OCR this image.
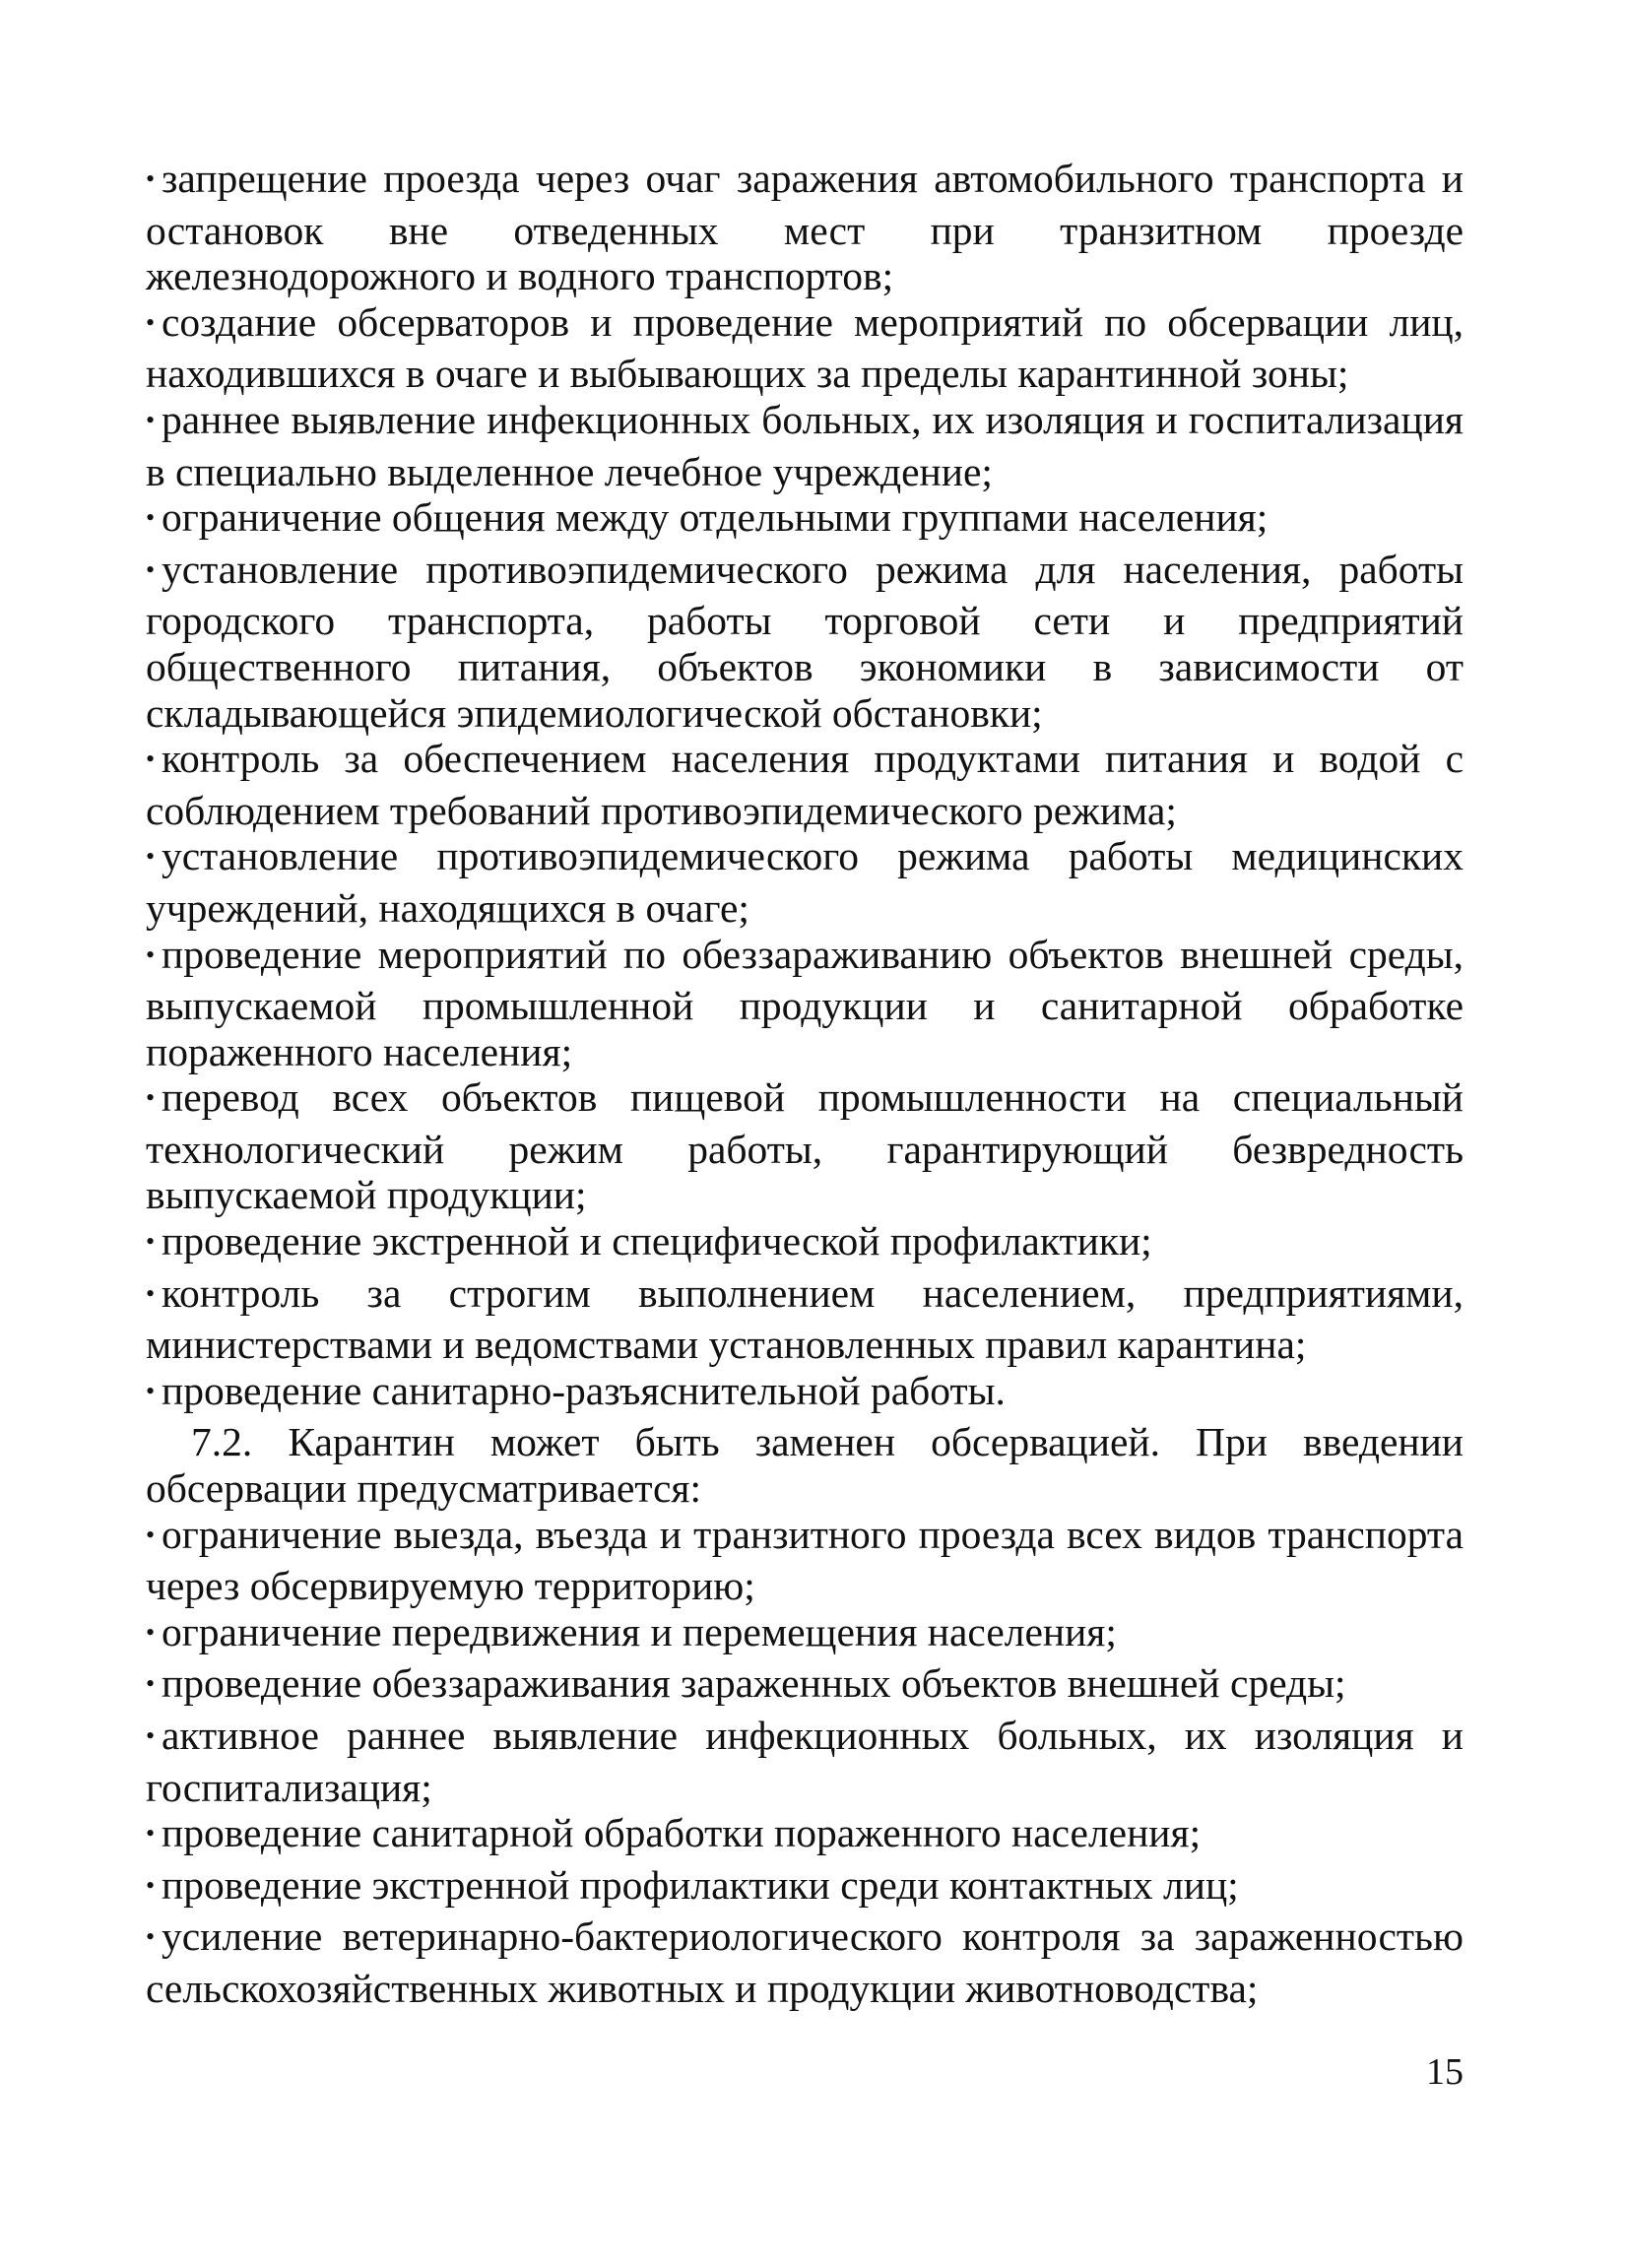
•запрещение проезда через очаг заражения автомобильного транспорта и остановок вне отведенных мест при транзитном проезде железнодорожного и водного транспортов;

•создание обсерваторов и проведение мероприятий по обсервации лиц, находившихся в очаге и выбывающих за пределы карантинной зоны;

•раннее выявление инфекционных больных, их изоляция и госпитализация в специально выделенное лечебное учреждение;

•ограничение общения между отдельными группами населения;

•установление противоэпидемического режима для населения, работы городского транспорта, работы торговой сети и предприятий общественного питания, объектов экономики в зависимости от складывающейся эпидемиологической обстановки;

•контроль за обеспечением населения продуктами питания и водой с соблюдением требований противоэпидемического режима;

•установление противоэпидемического режима работы медицинских учреждений, находящихся в очаге;

•проведение мероприятий по обеззараживанию объектов внешней среды, выпускаемой промышленной продукции и санитарной обработке пораженного населения;

•перевод всех объектов пищевой промышленности на специальный технологический режим работы, гарантирующий безвредность выпускаемой продукции;

•проведение экстренной и специфической профилактики;

•контроль за строгим выполнением населением, предприятиями, министерствами и ведомствами установленных правил карантина;

•проведение санитарно-разъяснительной работы.

7.2. Карантин может быть заменен обсервацией. При введении обсервации предусматривается:

•ограничение выезда, въезда и транзитного проезда всех видов транспорта через обсервируемую территорию;

•ограничение передвижения и перемещения населения;

•проведение обеззараживания зараженных объектов внешней среды;

•активное раннее выявление инфекционных больных, их изоляция и госпитализация;

•проведение санитарной обработки пораженного населения;

•проведение экстренной профилактики среди контактных лиц;

•усиление ветеринарно-бактериологического контроля за зараженностью сельскохозяйственных животных и продукции животноводства;

15
